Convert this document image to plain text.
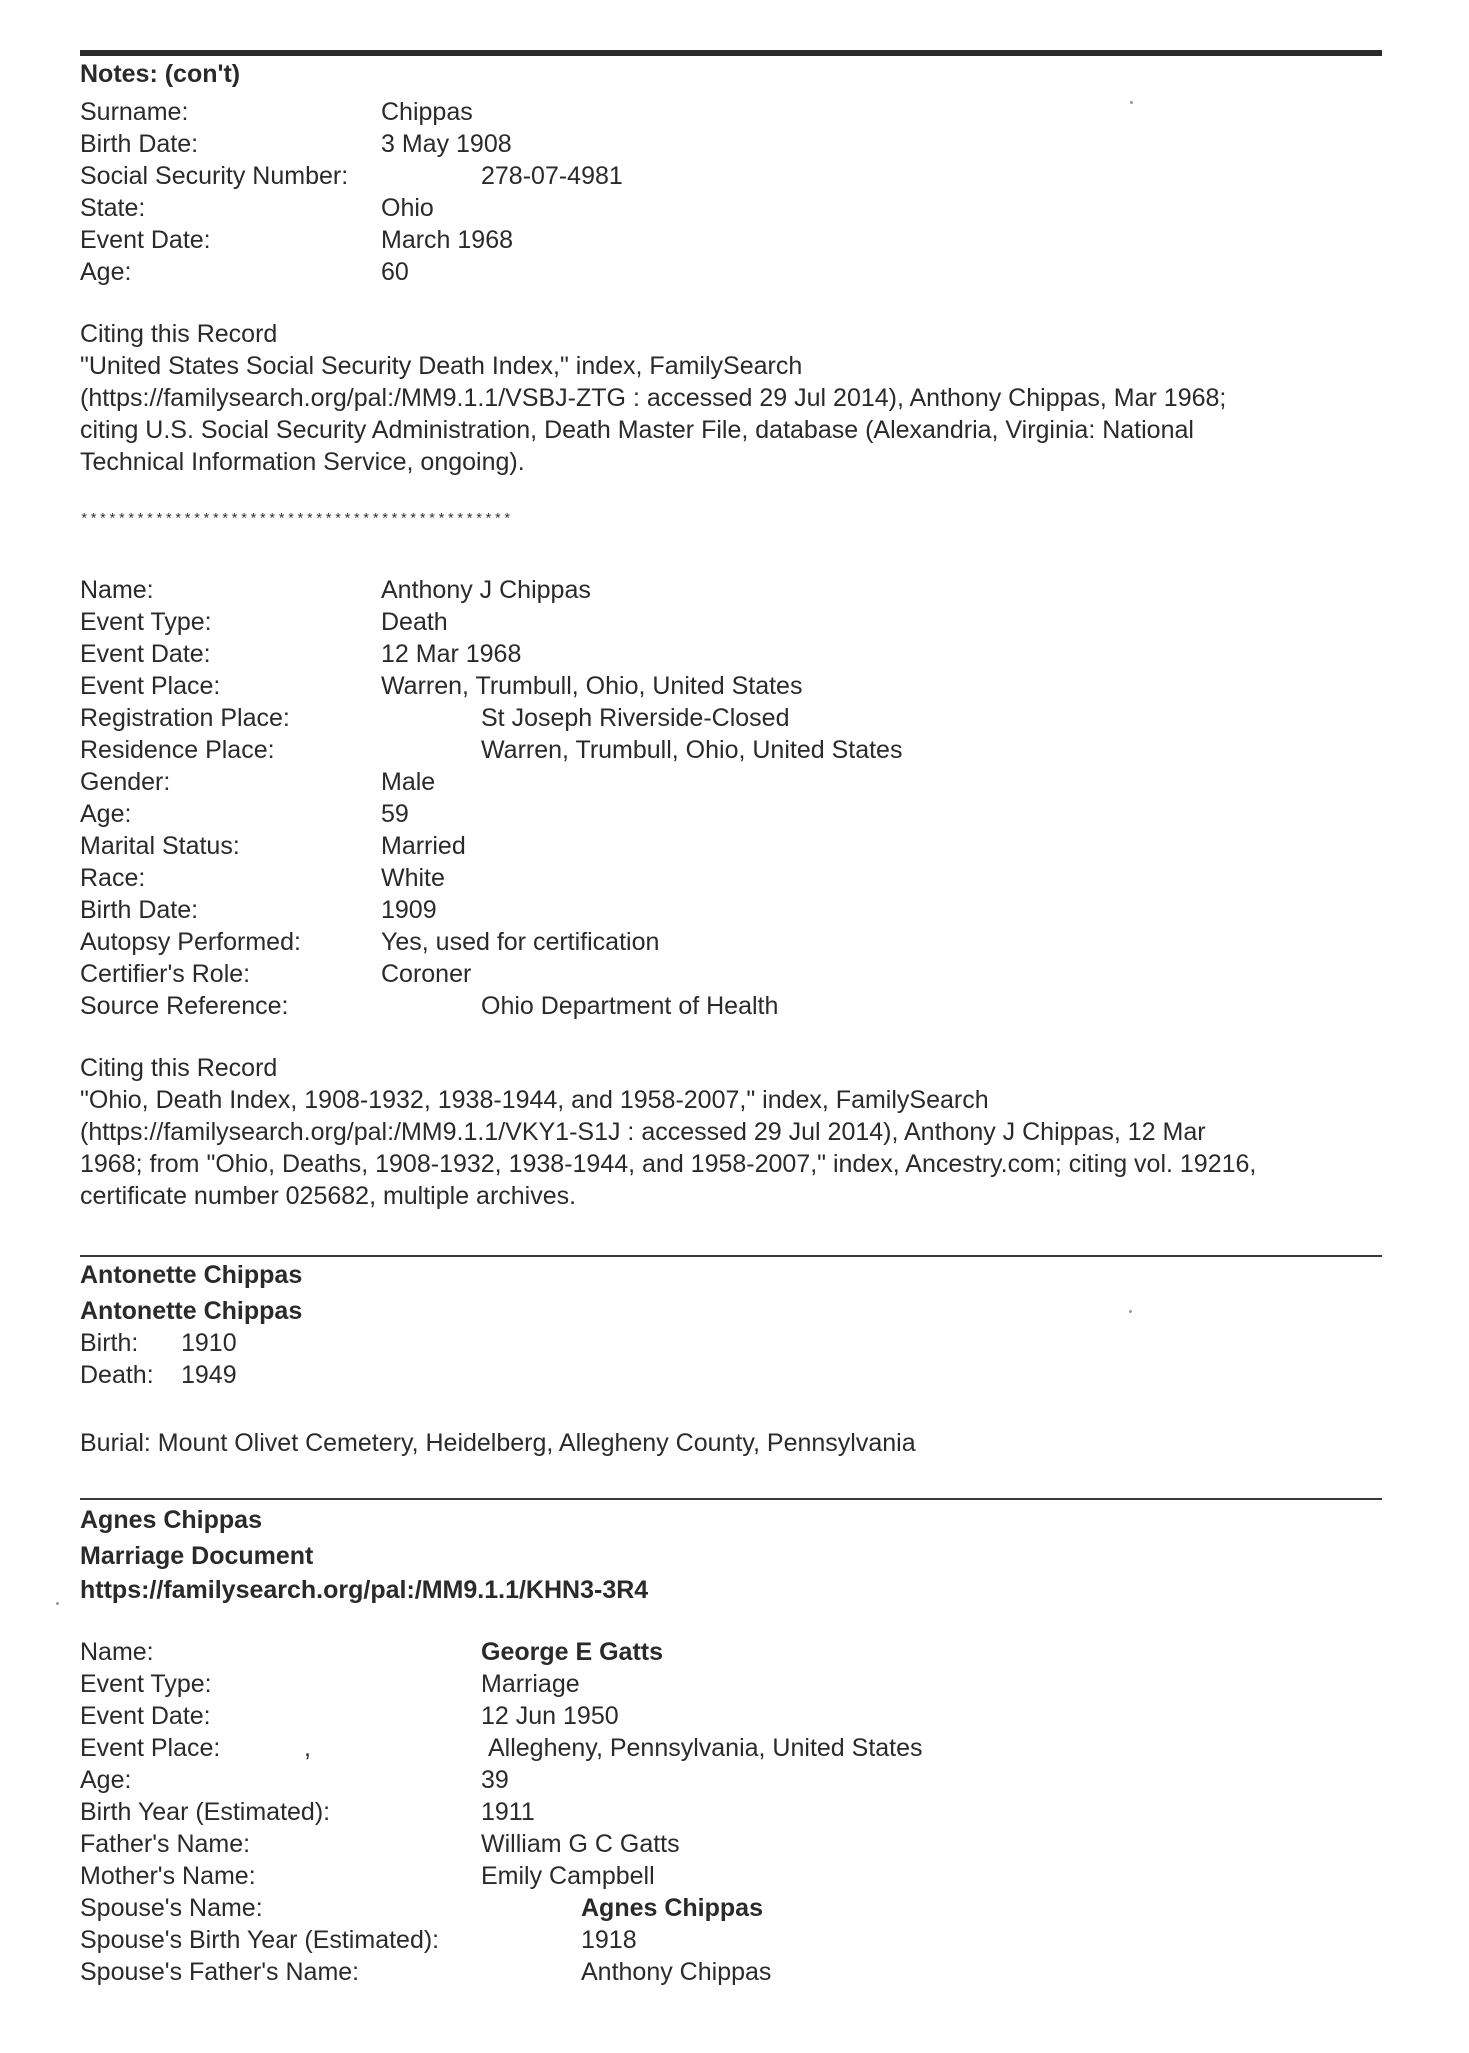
Notes: (con't)
Surname:	Chippas
Birth Date:	3 May 1908
Social Security Number:	278-07-4981
State:	Ohio
Event Date:	March 1968
Age:	60
Citing this Record
"United States Social Security Death Index," index, FamilySearch
(https://familysearch.org/pal:/MM9.1.1/VSBJ-ZTG : accessed 29 Jul 2014), Anthony Chippas, Mar 1968;
citing U.S. Social Security Administration, Death Master File, database (Alexandria, Virginia: National
Technical Information Service, ongoing).
**********************************************
Name:	Anthony J Chippas
Event Type:	Death
Event Date:	12 Mar 1968
Event Place:	Warren, Trumbull, Ohio, United States
Registration Place:	St Joseph Riverside-Closed
Residence Place:	Warren, Trumbull, Ohio, United States
Gender:	Male
Age:	59
Marital Status:	Married
Race:	White
Birth Date:	1909
Autopsy Performed:	Yes, used for certification
Certifier's Role:	Coroner
Source Reference:	Ohio Department of Health
Citing this Record
"Ohio, Death Index, 1908-1932, 1938-1944, and 1958-2007," index, FamilySearch
(https://familysearch.org/pal:/MM9.1.1/VKY1-S1J : accessed 29 Jul 2014), Anthony J Chippas, 12 Mar
1968; from "Ohio, Deaths, 1908-1932, 1938-1944, and 1958-2007," index, Ancestry.com; citing vol. 19216,
certificate number 025682, multiple archives.
Antonette Chippas
Antonette Chippas
Birth: 1910
Death: 1949
Burial: Mount Olivet Cemetery, Heidelberg, Allegheny County, Pennsylvania
Agnes Chippas
Marriage Document
https://familysearch.org/pal:/MM9.1.1/KHN3-3R4
Name:	George E Gatts
Event Type:	Marriage
Event Date:	12 Jun 1950
Event Place:	,	Allegheny, Pennsylvania, United States
Age:	39
Birth Year (Estimated):	1911
Father's Name:	William G C Gatts
Mother's Name:	Emily Campbell
Spouse's Name:	Agnes Chippas
Spouse's Birth Year (Estimated):	1918
Spouse's Father's Name:	Anthony Chippas
